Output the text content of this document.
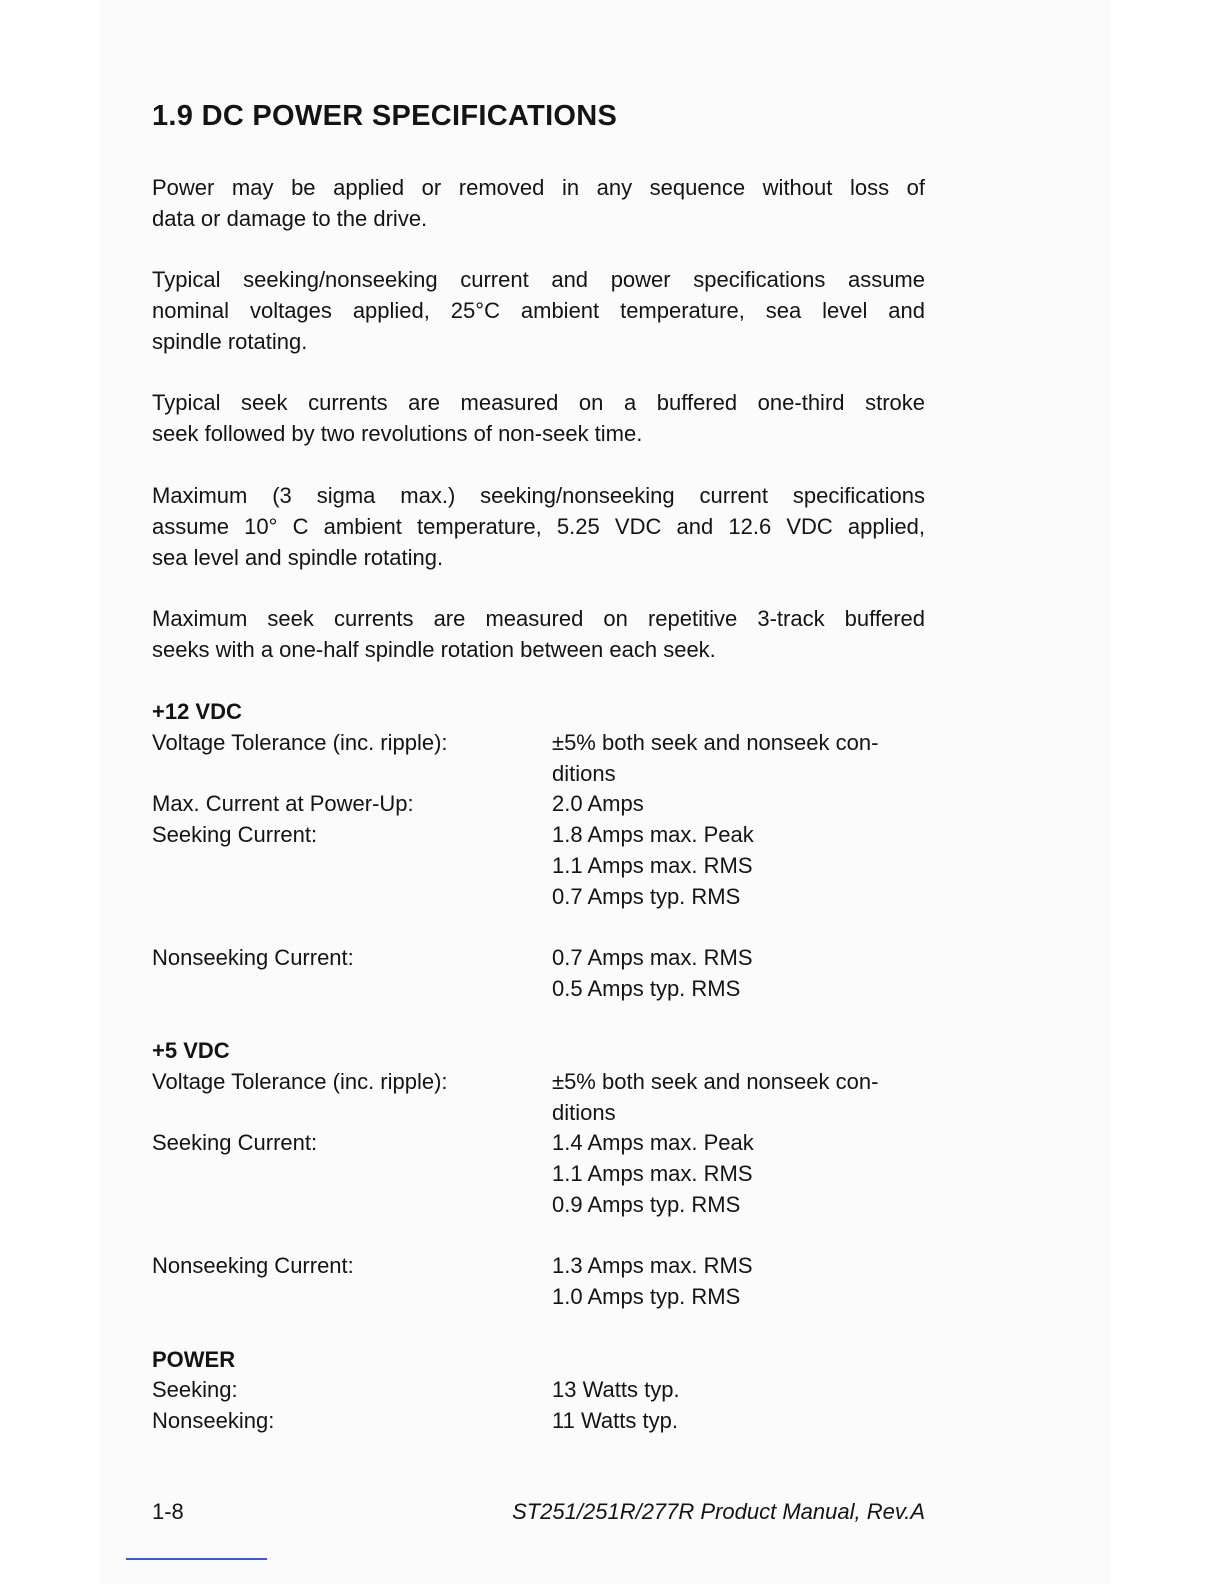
1.9 DC POWER SPECIFICATIONS

Power may be applied or removed in any sequence without loss of
data or damage to the drive.

Typical seeking/nonseeking current and power specifications assume
nominal voltages applied, 25°C ambient temperature, sea level and
spindle rotating.

Typical seek currents are measured on a buffered one-third stroke
seek followed by two revolutions of non-seek time.

Maximum (3 sigma max.) seeking/nonseeking current specifications
assume 10° C ambient temperature, 5.25 VDC and 12.6 VDC applied,
sea level and spindle rotating.

Maximum seek currents are measured on repetitive 3-track buffered
seeks with a one-half spindle rotation between each seek.

+12 VDC
Voltage Tolerance (inc. ripple):	±5% both seek and nonseek con-
ditions
Max. Current at Power-Up:	2.0 Amps
Seeking Current:	1.8 Amps max. Peak
1.1 Amps max. RMS
0.7 Amps typ. RMS
Nonseeking Current:	0.7 Amps max. RMS
0.5 Amps typ. RMS
+5 VDC
Voltage Tolerance (inc. ripple):	±5% both seek and nonseek con-
ditions
Seeking Current:	1.4 Amps max. Peak
1.1 Amps max. RMS
0.9 Amps typ. RMS
Nonseeking Current:	1.3 Amps max. RMS
1.0 Amps typ. RMS
POWER
Seeking:	13 Watts typ.
Nonseeking:	11 Watts typ.
1-8	ST251/251R/277R Product Manual, Rev.A
